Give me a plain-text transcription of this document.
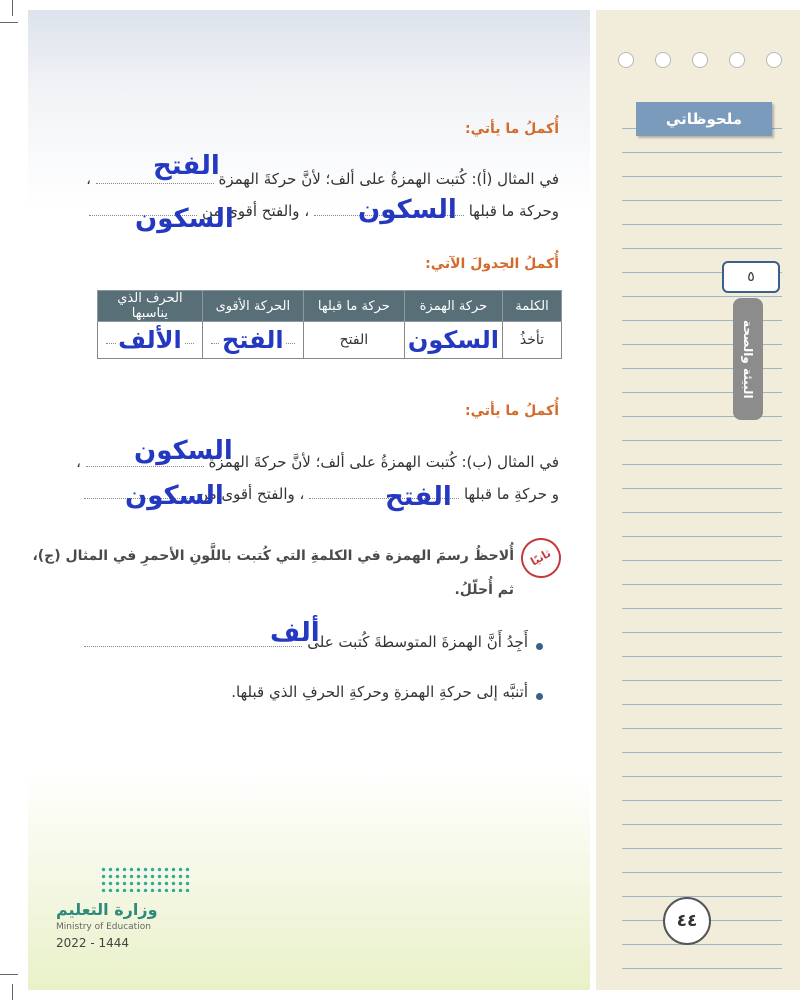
ملحوظاتي
٥
البيئة والصحة
٤٤
أُكملُ ما يأتي:
في المثال (أ): كُتبت الهمزةُ على ألف؛ لأنَّ حركةَ الهمزة  ،	الفتح
وحركة ما قبلها  ، والفتح أقوى من	السكون
السكون
أُكملُ الجدولَ الآتي:
الكلمة	حركة الهمزة	حركة ما قبلها	الحركة الأقوى	الحرف الذي يناسبها
تأخذُ	السكون	الفتح	الفتح	الألف
أُكملُ ما يأتي:
في المثال (ب): كُتبت الهمزةُ على ألف؛ لأنَّ حركةَ الهمزة  ،	السكون
و حركةِ ما قبلها  ، والفتح أقوى من	الفتح
السكون
ثانيًا
أُلاحظُ رسمَ الهمزة في الكلمةِ التي كُتبت باللَّونِ الأحمرِ في المثال (ج)،
ثم أُحلّلُ.
أَجِدُ أَنَّ الهمزةَ المتوسطةَ كُتبت على
ألف
أتنبَّه إلى حركةِ الهمزةِ وحركةِ الحرفِ الذي قبلها.
وزارة التعليم
Ministry of Education
2022 - 1444
